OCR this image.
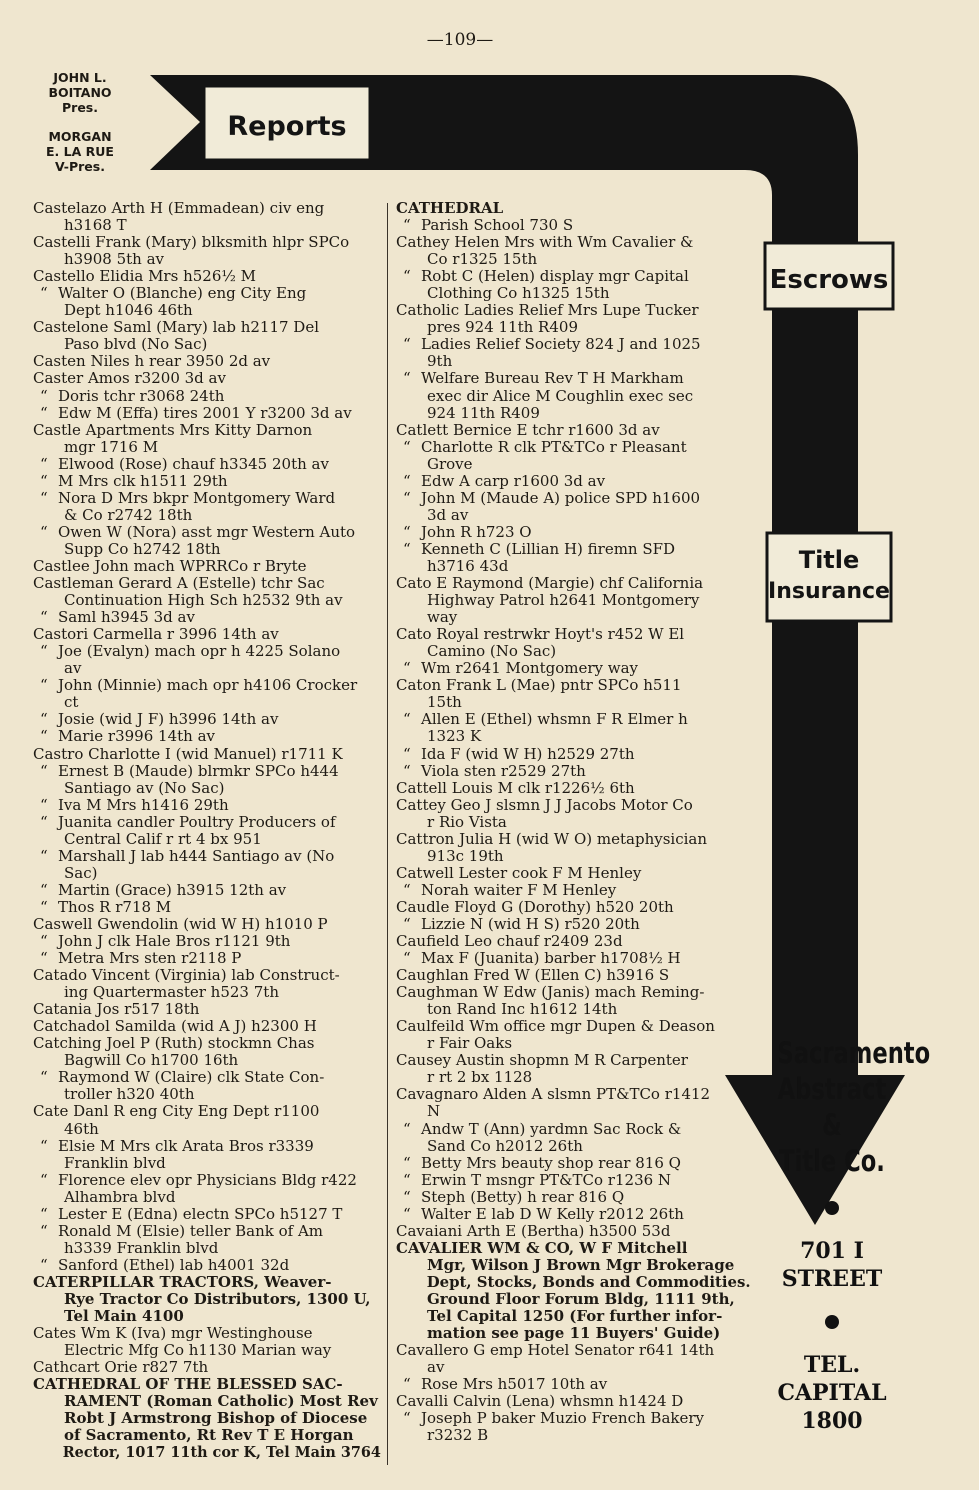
—109—
JOHN L.
BOITANO
Pres.
MORGAN
E. LA RUE
V-Pres.
Reports
Escrows
Title
Insurance
Castelazo Arth H (Emmadean) civ eng
h3168 T
Castelli Frank (Mary) blksmith hlpr SPCo
h3908 5th av
Castello Elidia Mrs h526½ M
“ Walter O (Blanche) eng City Eng
Dept h1046 46th
Castelone Saml (Mary) lab h2117 Del
Paso blvd (No Sac)
Casten Niles h rear 3950 2d av
Caster Amos r3200 3d av
“ Doris tchr r3068 24th
“ Edw M (Effa) tires 2001 Y r3200 3d av
Castle Apartments Mrs Kitty Darnon
mgr 1716 M
“ Elwood (Rose) chauf h3345 20th av
“ M Mrs clk h1511 29th
“ Nora D Mrs bkpr Montgomery Ward
& Co r2742 18th
“ Owen W (Nora) asst mgr Western Auto
Supp Co h2742 18th
Castlee John mach WPRRCo r Bryte
Castleman Gerard A (Estelle) tchr Sac
Continuation High Sch h2532 9th av
“ Saml h3945 3d av
Castori Carmella r 3996 14th av
“ Joe (Evalyn) mach opr h 4225 Solano
av
“ John (Minnie) mach opr h4106 Crocker
ct
“ Josie (wid J F) h3996 14th av
“ Marie r3996 14th av
Castro Charlotte I (wid Manuel) r1711 K
“ Ernest B (Maude) blrmkr SPCo h444
Santiago av (No Sac)
“ Iva M Mrs h1416 29th
“ Juanita candler Poultry Producers of
Central Calif r rt 4 bx 951
“ Marshall J lab h444 Santiago av (No
Sac)
“ Martin (Grace) h3915 12th av
“ Thos R r718 M
Caswell Gwendolin (wid W H) h1010 P
“ John J clk Hale Bros r1121 9th
“ Metra Mrs sten r2118 P
Catado Vincent (Virginia) lab Construct-
ing Quartermaster h523 7th
Catania Jos r517 18th
Catchadol Samilda (wid A J) h2300 H
Catching Joel P (Ruth) stockmn Chas
Bagwill Co h1700 16th
“ Raymond W (Claire) clk State Con-
troller h320 40th
Cate Danl R eng City Eng Dept r1100
46th
“ Elsie M Mrs clk Arata Bros r3339
Franklin blvd
“ Florence elev opr Physicians Bldg r422
Alhambra blvd
“ Lester E (Edna) electn SPCo h5127 T
“ Ronald M (Elsie) teller Bank of Am
h3339 Franklin blvd
“ Sanford (Ethel) lab h4001 32d
CATERPILLAR TRACTORS, Weaver-
Rye Tractor Co Distributors, 1300 U,
Tel Main 4100
Cates Wm K (Iva) mgr Westinghouse
Electric Mfg Co h1130 Marian way
Cathcart Orie r827 7th
CATHEDRAL OF THE BLESSED SAC-
RAMENT (Roman Catholic) Most Rev
Robt J Armstrong Bishop of Diocese
of Sacramento, Rt Rev T E Horgan
Rector, 1017 11th cor K, Tel Main 3764
CATHEDRAL
“ Parish School 730 S
Cathey Helen Mrs with Wm Cavalier &
Co r1325 15th
“ Robt C (Helen) display mgr Capital
Clothing Co h1325 15th
Catholic Ladies Relief Mrs Lupe Tucker
pres 924 11th R409
“ Ladies Relief Society 824 J and 1025
9th
“ Welfare Bureau Rev T H Markham
exec dir Alice M Coughlin exec sec
924 11th R409
Catlett Bernice E tchr r1600 3d av
“ Charlotte R clk PT&TCo r Pleasant
Grove
“ Edw A carp r1600 3d av
“ John M (Maude A) police SPD h1600
3d av
“ John R h723 O
“ Kenneth C (Lillian H) firemn SFD
h3716 43d
Cato E Raymond (Margie) chf California
Highway Patrol h2641 Montgomery
way
Cato Royal restrwkr Hoyt's r452 W El
Camino (No Sac)
“ Wm r2641 Montgomery way
Caton Frank L (Mae) pntr SPCo h511
15th
“ Allen E (Ethel) whsmn F R Elmer h
1323 K
“ Ida F (wid W H) h2529 27th
“ Viola sten r2529 27th
Cattell Louis M clk r1226½ 6th
Cattey Geo J slsmn J J Jacobs Motor Co
r Rio Vista
Cattron Julia H (wid W O) metaphysician
913c 19th
Catwell Lester cook F M Henley
“ Norah waiter F M Henley
Caudle Floyd G (Dorothy) h520 20th
“ Lizzie N (wid H S) r520 20th
Caufield Leo chauf r2409 23d
“ Max F (Juanita) barber h1708½ H
Caughlan Fred W (Ellen C) h3916 S
Caughman W Edw (Janis) mach Reming-
ton Rand Inc h1612 14th
Caulfeild Wm office mgr Dupen & Deason
r Fair Oaks
Causey Austin shopmn M R Carpenter
r rt 2 bx 1128
Cavagnaro Alden A slsmn PT&TCo r1412
N
“ Andw T (Ann) yardmn Sac Rock &
Sand Co h2012 26th
“ Betty Mrs beauty shop rear 816 Q
“ Erwin T msngr PT&TCo r1236 N
“ Steph (Betty) h rear 816 Q
“ Walter E lab D W Kelly r2012 26th
Cavaiani Arth E (Bertha) h3500 53d
CAVALIER WM & CO, W F Mitchell
Mgr, Wilson J Brown Mgr Brokerage
Dept, Stocks, Bonds and Commodities.
Ground Floor Forum Bldg, 1111 9th,
Tel Capital 1250 (For further infor-
mation see page 11 Buyers' Guide)
Cavallero G emp Hotel Senator r641 14th
av
“ Rose Mrs h5017 10th av
Cavalli Calvin (Lena) whsmn h1424 D
“ Joseph P baker Muzio French Bakery
r3232 B
Sacramento
Abstract &
Title Co.
701 I
STREET
TEL.
CAPITAL
1800
